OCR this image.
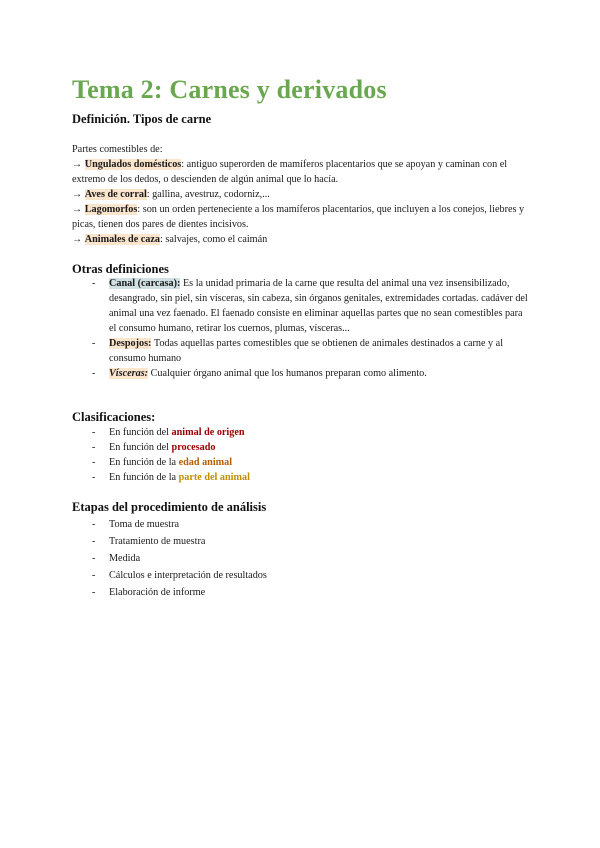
Tema 2: Carnes y derivados
Definición. Tipos de carne
Partes comestibles de:
→ Ungulados domésticos: antiguo superorden de mamíferos placentarios que se apoyan y caminan con el extremo de los dedos, o descienden de algún animal que lo hacía.
→ Aves de corral: gallina, avestruz, codorniz,...
→ Lagomorfos: son un orden perteneciente a los mamíferos placentarios, que incluyen a los conejos, liebres y picas, tienen dos pares de dientes incisivos.
→ Animales de caza: salvajes, como el caimán
Otras definiciones
- Canal (carcasa): Es la unidad primaria de la carne que resulta del animal una vez insensibilizado, desangrado, sin piel, sin vísceras, sin cabeza, sin órganos genitales, extremidades cortadas. cadáver del animal una vez faenado. El faenado consiste en eliminar aquellas partes que no sean comestibles para el consumo humano, retirar los cuernos, plumas, vísceras...
- Despojos: Todas aquellas partes comestibles que se obtienen de animales destinados a carne y al consumo humano
- Vísceras: Cualquier órgano animal que los humanos preparan como alimento.
Clasificaciones:
- En función del animal de origen
- En función del procesado
- En función de la edad animal
- En función de la parte del animal
Etapas del procedimiento de análisis
- Toma de muestra
- Tratamiento de muestra
- Medida
- Cálculos e interpretación de resultados
- Elaboración de informe
